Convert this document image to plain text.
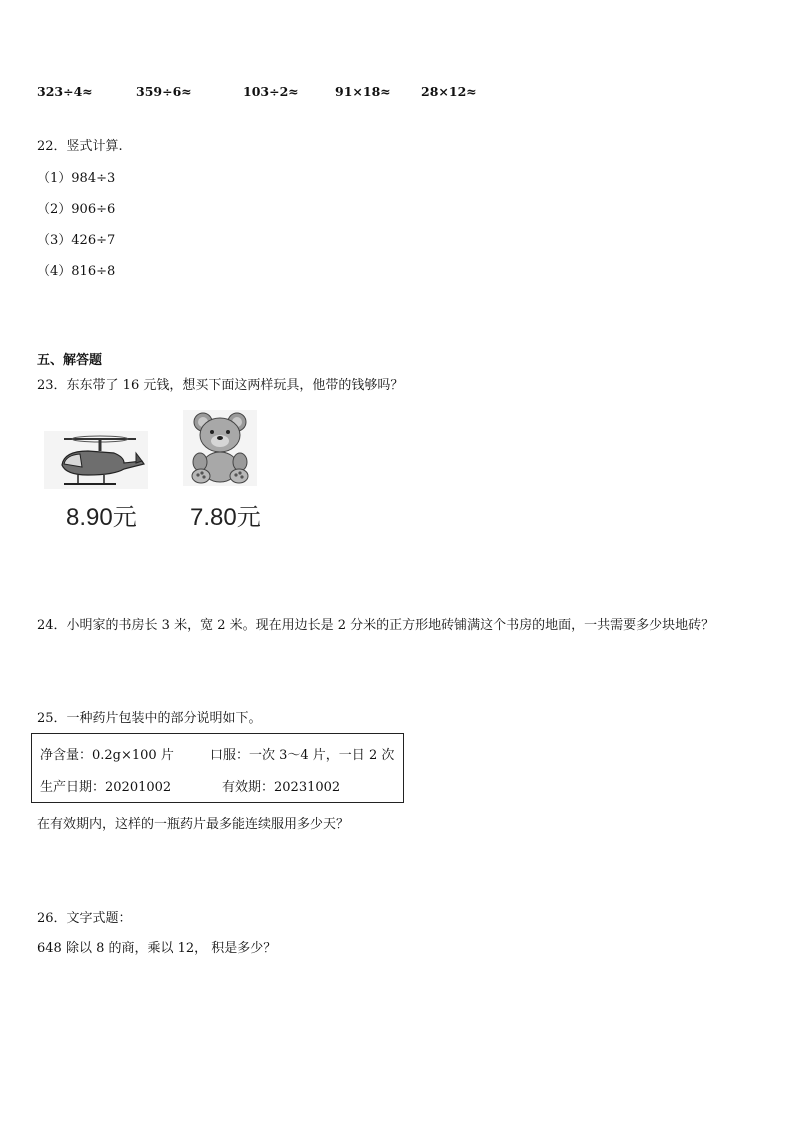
323÷4≈	359÷6≈	103÷2≈	91×18≈ 28×12≈
22．竖式计算.
（1）984÷3
（2）906÷6
（3）426÷7
（4）816÷8
五、解答题
23．东东带了 16 元钱，想买下面这两样玩具，他带的钱够吗？
8.90元 7.80元
24．小明家的书房长 3 米，宽 2 米。现在用边长是 2 分米的正方形地砖铺满这个书房的地面，一共需要多少块地砖？
25．一种药片包装中的部分说明如下。
净含量：0.2g×100 片	口服：一次 3～4 片，一日 2 次
生产日期：20201002	有效期：20231002
在有效期内，这样的一瓶药片最多能连续服用多少天？
26．文字式题：
648 除以 8 的商，乘以 12， 积是多少？
